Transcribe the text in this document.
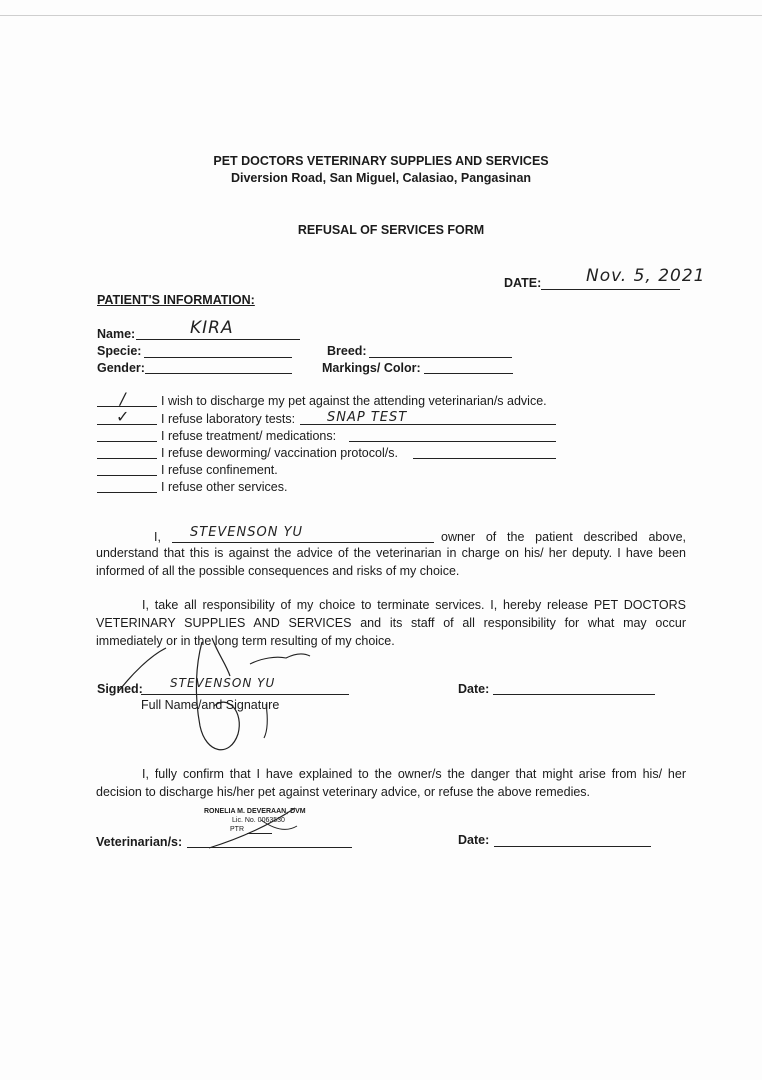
PET DOCTORS VETERINARY SUPPLIES AND SERVICES
Diversion Road, San Miguel, Calasiao, Pangasinan
REFUSAL OF SERVICES FORM
DATE:	Nov. 5, 2021
PATIENT'S INFORMATION:
Name:	KIRA
Specie:	Breed:
Gender:	Markings/ Color:
/	I wish to discharge my pet against the attending veterinarian/s advice.
✓ I refuse laboratory tests: SNAP TEST
I refuse treatment/ medications:
I refuse deworming/ vaccination protocol/s.
I refuse confinement.
I refuse other services.
I, STEVENSON YU	owner of the patient described above,
understand that this is against the advice of the veterinarian in charge on his/ her deputy. I have been informed of all the possible consequences and risks of my choice.
I, take all responsibility of my choice to terminate services. I, hereby release PET DOCTORS VETERINARY SUPPLIES AND SERVICES and its staff of all responsibility for what may occur immediately or in the long term resulting of my choice.
Signed: STEVENSON YU
Full Name/and Signature
Date:
I, fully confirm that I have explained to the owner/s the danger that might arise from his/ her decision to discharge his/her pet against veterinary advice, or refuse the above remedies.
RONELIA M. DEVERAAN, DVM
Lic. No. 0063530
PTR
Veterinarian/s:	Date:
